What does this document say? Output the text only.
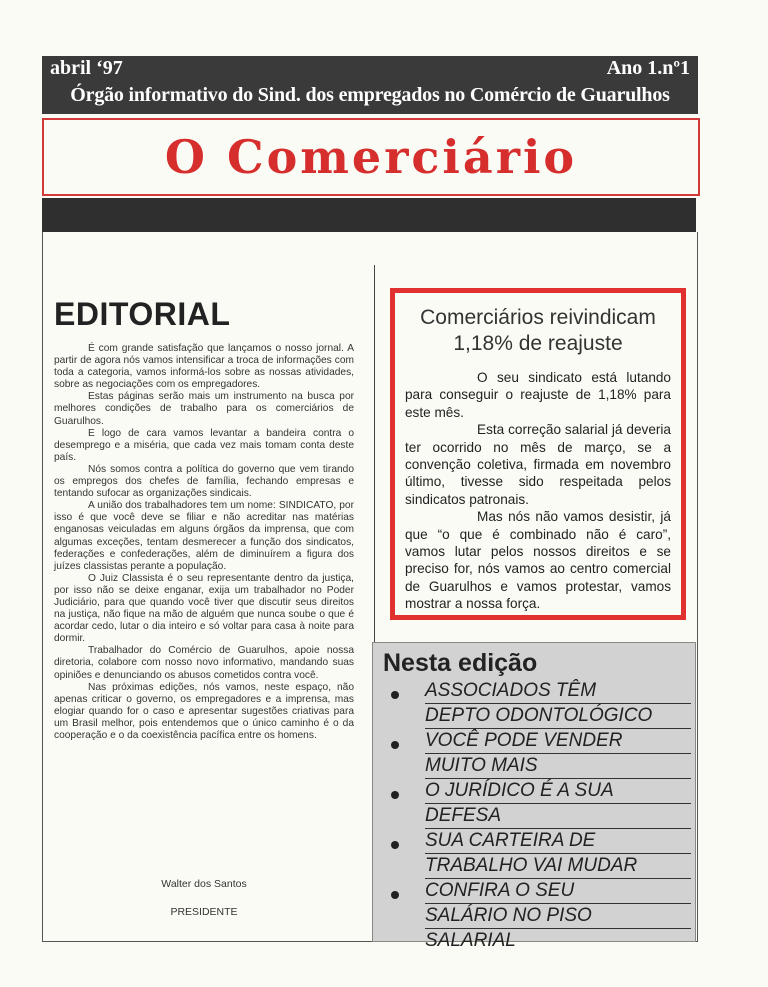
abril ‘97	Ano 1.nº1
Órgão informativo do Sind. dos empregados no Comércio de Guarulhos
O Comerciário
EDITORIAL

É com grande satisfação que lançamos o nosso jornal. A partir de agora nós vamos intensificar a troca de informações com toda a categoria, vamos informá-los sobre as nossas atividades, sobre as negociações com os empregadores.

Estas páginas serão mais um instrumento na busca por melhores condições de trabalho para os comerciários de Guarulhos.

E logo de cara vamos levantar a bandeira contra o desemprego e a miséria, que cada vez mais tomam conta deste país.

Nós somos contra a política do governo que vem tirando os empregos dos chefes de família, fechando empresas e tentando sufocar as organizações sindicais.

A união dos trabalhadores tem um nome: SINDICATO, por isso é que você deve se filiar e não acreditar nas matérias enganosas veiculadas em alguns órgãos da imprensa, que com algumas exceções, tentam desmerecer a função dos sindicatos, federações e confederações, além de diminuírem a figura dos juízes classistas perante a população.

O Juiz Classista é o seu representante dentro da justiça, por isso não se deixe enganar, exija um trabalhador no Poder Judiciário, para que quando você tiver que discutir seus direitos na justiça, não fique na mão de alguém que nunca soube o que é acordar cedo, lutar o dia inteiro e só voltar para casa à noite para dormir.

Trabalhador do Comércio de Guarulhos, apoie nossa diretoria, colabore com nosso novo informativo, mandando suas opiniões e denunciando os abusos cometidos contra você.

Nas próximas edições, nós vamos, neste espaço, não apenas criticar o governo, os empregadores e a imprensa, mas elogiar quando for o caso e apresentar sugestões criativas para um Brasil melhor, pois entendemos que o único caminho é o da cooperação e o da coexistência pacífica entre os homens.

Walter dos Santos
PRESIDENTE
Comerciários reivindicam
1,18% de reajuste

O seu sindicato está lutando para conseguir o reajuste de 1,18% para este mês.

Esta correção salarial já deveria ter ocorrido no mês de março, se a convenção coletiva, firmada em novembro último, tivesse sido respeitada pelos sindicatos patronais.

Mas nós não vamos desistir, já que “o que é combinado não é caro”, vamos lutar pelos nossos direitos e se preciso for, nós vamos ao centro comercial de Guarulhos e vamos protestar, vamos mostrar a nossa força.

Nesta edição
ASSOCIADOS TÊM
DEPTO ODONTOLÓGICO
VOCÊ PODE VENDER
MUITO MAIS
O JURÍDICO É A SUA
DEFESA
SUA CARTEIRA DE
TRABALHO VAI MUDAR
CONFIRA O SEU
SALÁRIO NO PISO
SALARIAL
